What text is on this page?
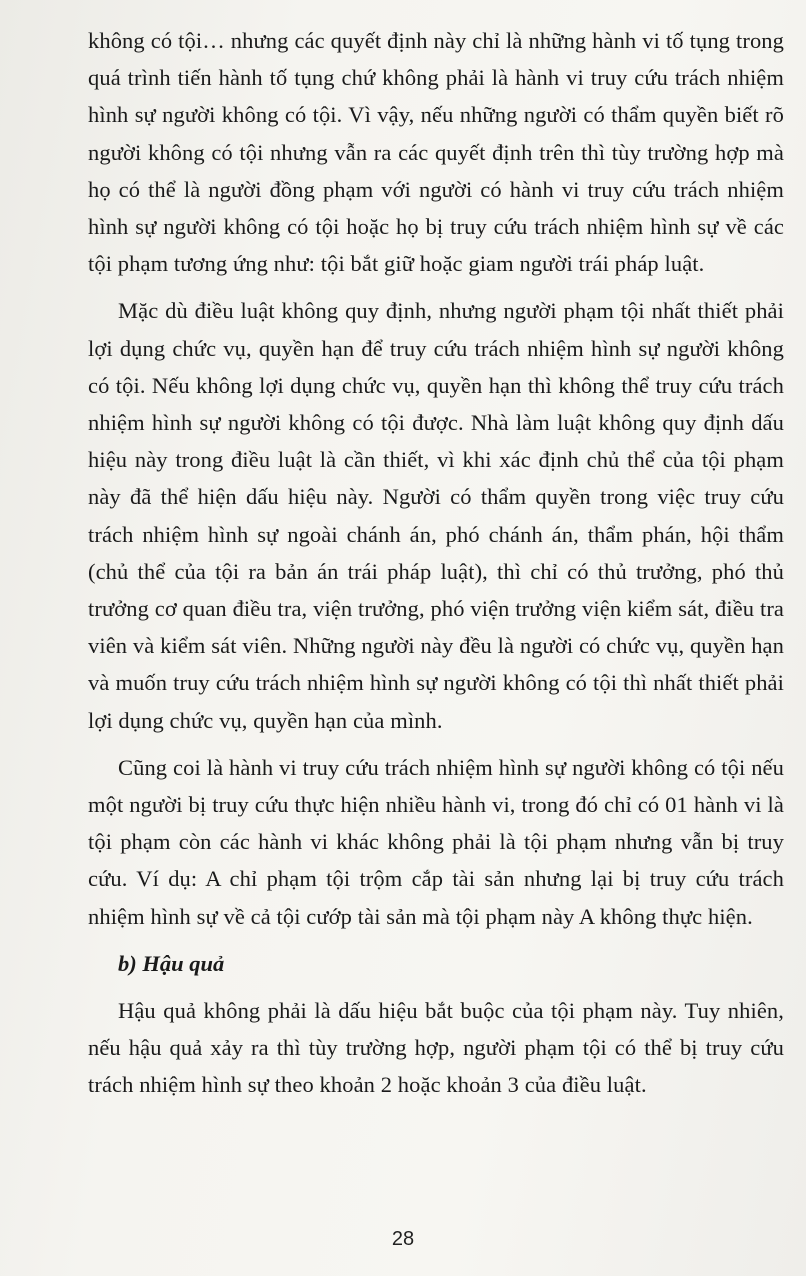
không có tội… nhưng các quyết định này chỉ là những hành vi tố tụng trong quá trình tiến hành tố tụng chứ không phải là hành vi truy cứu trách nhiệm hình sự người không có tội. Vì vậy, nếu những người có thẩm quyền biết rõ người không có tội nhưng vẫn ra các quyết định trên thì tùy trường hợp mà họ có thể là người đồng phạm với người có hành vi truy cứu trách nhiệm hình sự người không có tội hoặc họ bị truy cứu trách nhiệm hình sự về các tội phạm tương ứng như: tội bắt giữ hoặc giam người trái pháp luật.

Mặc dù điều luật không quy định, nhưng người phạm tội nhất thiết phải lợi dụng chức vụ, quyền hạn để truy cứu trách nhiệm hình sự người không có tội. Nếu không lợi dụng chức vụ, quyền hạn thì không thể truy cứu trách nhiệm hình sự người không có tội được. Nhà làm luật không quy định dấu hiệu này trong điều luật là cần thiết, vì khi xác định chủ thể của tội phạm này đã thể hiện dấu hiệu này. Người có thẩm quyền trong việc truy cứu trách nhiệm hình sự ngoài chánh án, phó chánh án, thẩm phán, hội thẩm (chủ thể của tội ra bản án trái pháp luật), thì chỉ có thủ trưởng, phó thủ trưởng cơ quan điều tra, viện trưởng, phó viện trưởng viện kiểm sát, điều tra viên và kiểm sát viên. Những người này đều là người có chức vụ, quyền hạn và muốn truy cứu trách nhiệm hình sự người không có tội thì nhất thiết phải lợi dụng chức vụ, quyền hạn của mình.

Cũng coi là hành vi truy cứu trách nhiệm hình sự người không có tội nếu một người bị truy cứu thực hiện nhiều hành vi, trong đó chỉ có 01 hành vi là tội phạm còn các hành vi khác không phải là tội phạm nhưng vẫn bị truy cứu. Ví dụ: A chỉ phạm tội trộm cắp tài sản nhưng lại bị truy cứu trách nhiệm hình sự về cả tội cướp tài sản mà tội phạm này A không thực hiện.

b) Hậu quả

Hậu quả không phải là dấu hiệu bắt buộc của tội phạm này. Tuy nhiên, nếu hậu quả xảy ra thì tùy trường hợp, người phạm tội có thể bị truy cứu trách nhiệm hình sự theo khoản 2 hoặc khoản 3 của điều luật.

28
